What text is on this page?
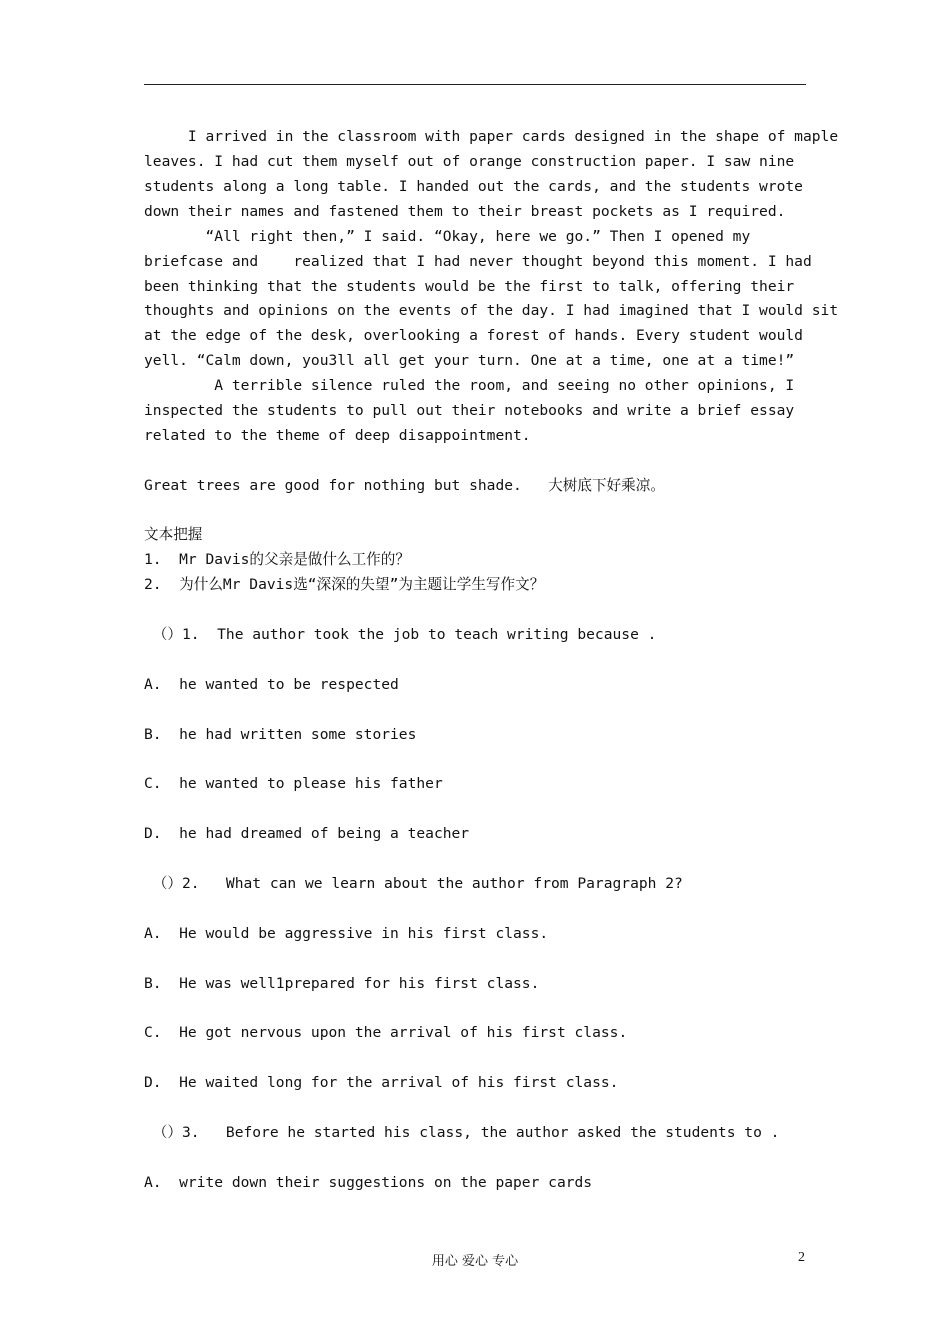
I arrived in the classroom with paper cards designed in the shape of maple
leaves. I had cut them myself out of orange construction paper. I saw nine
students along a long table. I handed out the cards, and the students wrote
down their names and fastened them to their breast pockets as I required.
“All right then,” I said. “Okay, here we go.” Then I opened my
briefcase and    realized that I had never thought beyond this moment. I had
been thinking that the students would be the first to talk, offering their
thoughts and opinions on the events of the day. I had imagined that I would sit
at the edge of the desk, overlooking a forest of hands. Every student would
yell. “Calm down, you3ll all get your turn. One at a time, one at a time!”
A terrible silence ruled the room, and seeing no other opinions, I
inspected the students to pull out their notebooks and write a brief essay
related to the theme of deep disappointment.
Great trees are good for nothing but shade.   大树底下好乘凉。
文本把握
1.  Mr Davis的父亲是做什么工作的？
2.  为什么Mr Davis选“深深的失望”为主题让学生写作文？
（）1.  The author took the job to teach writing because .
A.  he wanted to be respected
B.  he had written some stories
C.  he wanted to please his father
D.  he had dreamed of being a teacher
（）2.   What can we learn about the author from Paragraph 2?
A.  He would be aggressive in his first class.
B.  He was well1prepared for his first class.
C.  He got nervous upon the arrival of his first class.
D.  He waited long for the arrival of his first class.
（）3.   Before he started his class, the author asked the students to .
A.  write down their suggestions on the paper cards
用心 爱心 专心	2
